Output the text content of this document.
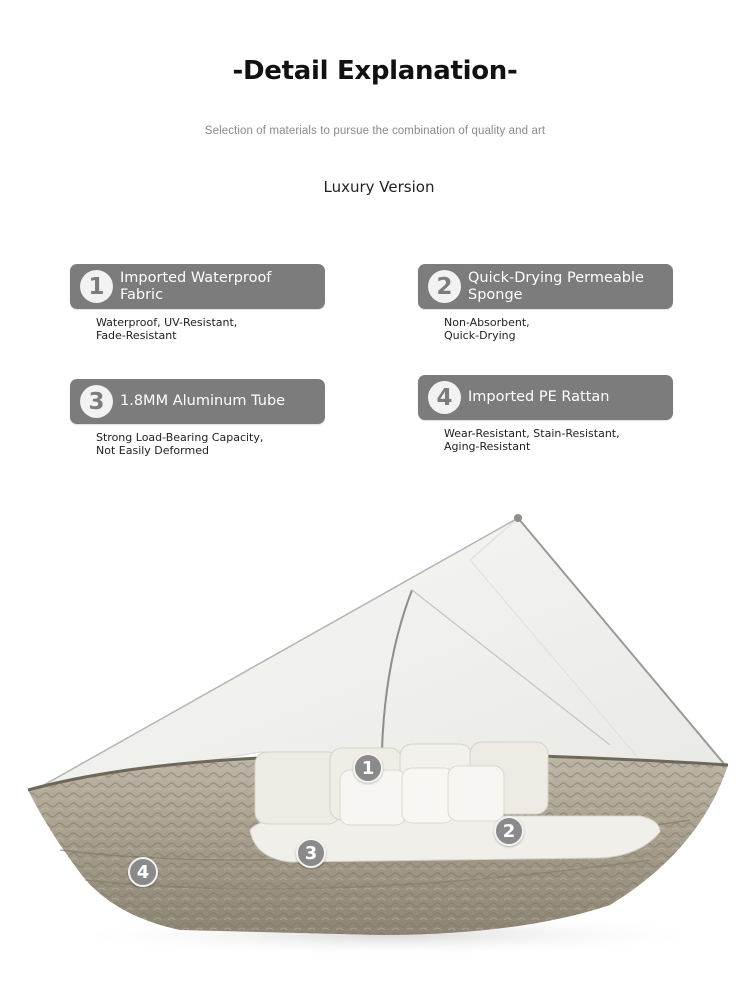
-Detail Explanation-
Selection of materials to pursue the combination of quality and art
Luxury Version
1	Imported Waterproof
Fabric
Waterproof, UV-Resistant,
Fade-Resistant
2	Quick-Drying Permeable
Sponge
Non-Absorbent,
Quick-Drying
3	1.8MM Aluminum Tube
Strong Load-Bearing Capacity,
Not Easily Deformed
4	Imported PE Rattan
Wear-Resistant, Stain-Resistant,
Aging-Resistant
1
2
3
4
